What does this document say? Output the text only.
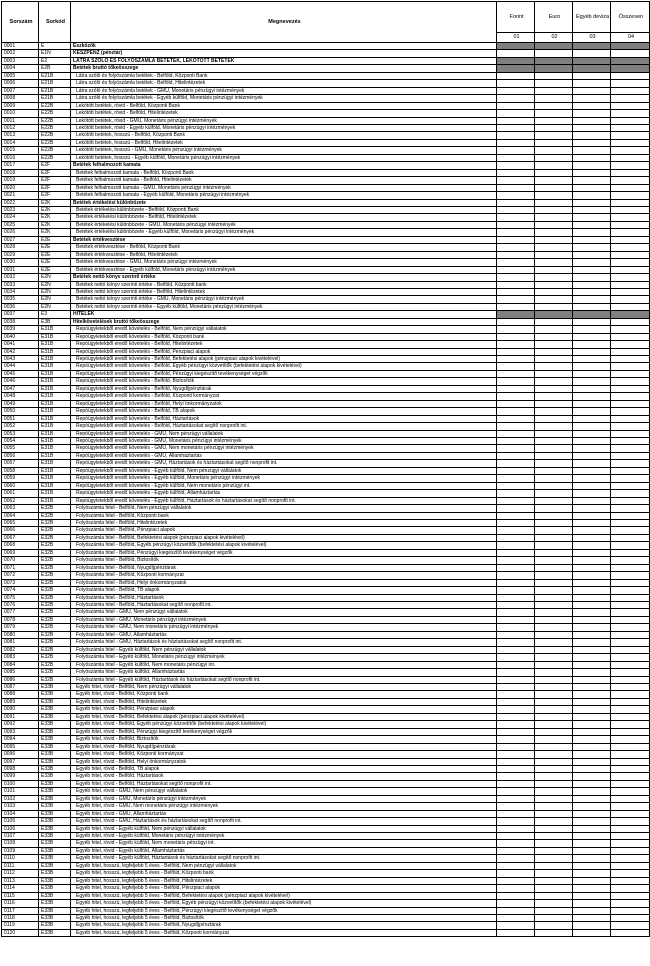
Sorszám	Sorkód	Megnevezés	Forint	Euro	Egyéb deviza	Összesen
			01	02	03	04
0001	E	Eszközök				
0002	E1N	KÉSZPÉNZ (pénztár)				
0003	E2	LÁTRA SZÓLÓ ÉS FOLYÓSZÁMLA BETÉTEK, LEKÖTÖTT BETÉTEK				
0004	E2B	Betétek bruttó tőkeösszege				
0005	E21B	Látra szóló és folyószámla betétek - Belföld, Központi Bank				
0006	E21B	Látra szóló és folyószámla betétek - Belföld, Hitelintézetek				
0007	E21B	Látra szóló és folyószámla betétek - GMU, Monetáris pénzügyi intézmények				
0008	E21B	Látra szóló és folyószámla betétek - Egyéb külföld, Monetáris pénzügyi intézmények				
0009	E22B	Lekötött betétek, rövid - Belföld, Központi Bank				
0010	E22B	Lekötött betétek, rövid - Belföld, Hitelintézetek				
0011	E22B	Lekötött betétek, rövid - GMU, Monetáris pénzügyi intézmények				
0012	E22B	Lekötött betétek, rövid - Egyéb külföld, Monetáris pénzügyi intézmények				
0013	E22B	Lekötött betétek, hosszú - Belföld, Központi Bank				
0014	E22B	Lekötött betétek, hosszú - Belföld, Hitelintézetek				
0015	E22B	Lekötött betétek, hosszú - GMU, Monetáris pénzügyi intézmények				
0016	E22B	Lekötött betétek, hosszú - Egyéb külföld, Monetáris pénzügyi intézmények				
0017	E2F	Betétek felhalmozott kamata				
0018	E2F	Betétek felhalmozott kamata - Belföld, Központi Bank				
0019	E2F	Betétek felhalmozott kamata - Belföld, Hitelintézetek				
0020	E2F	Betétek felhalmozott kamata - GMU, Monetáris pénzügyi intézmények				
0021	E2F	Betétek felhalmozott kamata - Egyéb külföld, Monetáris pénzügyi intézmények				
0022	E2K	Betétek értékelési különbözete				
0023	E2K	Betétek értékelési különbözete - Belföld, Központi Bank				
0024	E2K	Betétek értékelési különbözete - Belföld, Hitelintézetek				
0025	E2K	Betétek értékelési különbözete - GMU, Monetáris pénzügyi intézmények				
0026	E2K	Betétek értékelési különbözete - Egyéb külföld, Monetáris pénzügyi intézmények				
0027	E2E	Betétek értékvesztése				
0028	E2E	Betétek értékvesztése - Belföld, Központi Bank				
0029	E2E	Betétek értékvesztése - Belföld, Hitelintézetek				
0030	E2E	Betétek értékvesztése - GMU, Monetáris pénzügyi intézmények				
0031	E2E	Betétek értékvesztése - Egyéb külföld, Monetáris pénzügyi intézmények				
0032	E2N	Betétek nettó könyv szerinti értéke				
0033	E2N	Betétek nettó könyv szerinti értéke - Belföld, Központi bank				
0034	E2N	Betétek nettó könyv szerinti értéke - Belföld, Hitelintézetek				
0035	E2N	Betétek nettó könyv szerinti értéke - GMU, Monetáris pénzügyi intézmények				
0036	E2N	Betétek nettó könyv szerinti értéke - Egyéb külföld, Monetáris pénzügyi intézmények				
0037	E3	HITELEK				
0038	E3B	Hitelkövetelések bruttó tőkeösszege				
0039	E31B	Repóügyletekből eredő követelés - Belföld, Nem pénzügyi vállalatok				
0040	E31B	Repóügyletekből eredő követelés - Belföld, Központi bank				
0041	E31B	Repóügyletekből eredő követelés - Belföld, Hitelintézetek				
0042	E31B	Repóügyletekből eredő követelés - Belföld, Pénzpiaci alapok				
0043	E31B	Repóügyletekből eredő követelés - Belföld, Befektetési alapok (pénzpiaci alapok kivételével)				
0044	E31B	Repóügyletekből eredő követelés - Belföld, Egyéb pénzügyi közvetítők (befektetési alapok kivételével)				
0045	E31B	Repóügyletekből eredő követelés - Belföld, Pénzügyi kiegészítő tevékenységet végzők				
0046	E31B	Repóügyletekből eredő követelés - Belföld, Biztosítók				
0047	E31B	Repóügyletekből eredő követelés - Belföld, Nyugdíjpénztárak				
0048	E31B	Repóügyletekből eredő követelés - Belföld, Központi kormányzat				
0049	E31B	Repóügyletekből eredő követelés - Belföld, Helyi önkormányzatok				
0050	E31B	Repóügyletekből eredő követelés - Belföld, TB alapok				
0051	E31B	Repóügyletekből eredő követelés - Belföld, Háztartások				
0052	E31B	Repóügyletekből eredő követelés - Belföld, Háztartásokat segítő nonprofit int.				
0053	E31B	Repóügyletekből eredő követelés - GMU, Nem pénzügyi vállalatok				
0054	E31B	Repóügyletekből eredő követelés - GMU, Monetáris pénzügyi intézmények				
0055	E31B	Repóügyletekből eredő követelés - GMU, Nem monetáris pénzügyi intézmények				
0056	E31B	Repóügyletekből eredő követelés - GMU, Államháztartás				
0057	E31B	Repóügyletekből eredő követelés - GMU, Háztartások és háztartásokat segítő nonprofit int.				
0058	E31B	Repóügyletekből eredő követelés - Egyéb külföld, Nem pénzügyi vállalatok				
0059	E31B	Repóügyletekből eredő követelés - Egyéb külföld, Monetáris pénzügyi intézmények				
0060	E31B	Repóügyletekből eredő követelés - Egyéb külföld, Nem monetáris pénzügyi int.				
0061	E31B	Repóügyletekből eredő követelés - Egyéb külföld, Államháztartás				
0062	E31B	Repóügyletekből eredő követelés - Egyéb külföld, Háztartások és háztartásokat segítő nonprofit int.				
0063	E32B	Folyószámla hitel - Belföld, Nem pénzügyi vállalatok				
0064	E32B	Folyószámla hitel - Belföld, Központi bank				
0065	E32B	Folyószámla hitel - Belföld, Hitelintézetek				
0066	E32B	Folyószámla hitel - Belföld, Pénzpiaci alapok				
0067	E32B	Folyószámla hitel - Belföld, Befektetési alapok (pénzpiaci alapok kivételével)				
0068	E32B	Folyószámla hitel - Belföld, Egyéb pénzügyi közvetítők (befektetési alapok kivételével)				
0069	E32B	Folyószámla hitel - Belföld, Pénzügyi kiegészítő tevékenységet végzők				
0070	E32B	Folyószámla hitel - Belföld, Biztosítók				
0071	E32B	Folyószámla hitel - Belföld, Nyugdíjpénztárak				
0072	E32B	Folyószámla hitel - Belföld, Központi kormányzat				
0073	E32B	Folyószámla hitel - Belföld, Helyi önkormányzatok				
0074	E32B	Folyószámla hitel - Belföld, TB alapok				
0075	E32B	Folyószámla hitel - Belföld, Háztartások				
0076	E32B	Folyószámla hitel - Belföld, Háztartásokat segítő nonprofit int.				
0077	E32B	Folyószámla hitel - GMU, Nem pénzügyi vállalatok				
0078	E32B	Folyószámla hitel - GMU, Monetáris pénzügyi intézmények				
0079	E32B	Folyószámla hitel - GMU, Nem monetáris pénzügyi intézmények				
0080	E32B	Folyószámla hitel - GMU, Államháztartás				
0081	E32B	Folyószámla hitel - GMU, Háztartások és háztartásokat segítő nonprofit int.				
0082	E32B	Folyószámla hitel - Egyéb külföld, Nem pénzügyi vállalatok				
0083	E32B	Folyószámla hitel - Egyéb külföld, Monetáris pénzügyi intézmények				
0084	E32B	Folyószámla hitel - Egyéb külföld, Nem monetáris pénzügyi int.				
0085	E32B	Folyószámla hitel - Egyéb külföld, Államháztartás				
0086	E32B	Folyószámla hitel - Egyéb külföld, Háztartások és háztartásokat segítő nonprofit int.				
0087	E33B	Egyéb hitel, rövid - Belföld, Nem pénzügyi vállalatok				
0088	E33B	Egyéb hitel, rövid - Belföld, Központi bank				
0089	E33B	Egyéb hitel, rövid - Belföld, Hitelintézetek				
0090	E33B	Egyéb hitel, rövid - Belföld, Pénzpiaci alapok				
0091	E33B	Egyéb hitel, rövid - Belföld, Befektetési alapok (pénzpiaci alapok kivételével)				
0092	E33B	Egyéb hitel, rövid - Belföld, Egyéb pénzügyi közvetítők (befektetési alapok kivételével)				
0093	E33B	Egyéb hitel, rövid - Belföld, Pénzügyi kiegészítő tevékenységet végzők				
0094	E33B	Egyéb hitel, rövid - Belföld, Biztosítók				
0095	E33B	Egyéb hitel, rövid - Belföld, Nyugdíjpénztárak				
0096	E33B	Egyéb hitel, rövid - Belföld, Központi kormányzat				
0097	E33B	Egyéb hitel, rövid - Belföld, Helyi önkormányzatok				
0098	E33B	Egyéb hitel, rövid - Belföld, TB alapok				
0099	E33B	Egyéb hitel, rövid - Belföld, Háztartások				
0100	E33B	Egyéb hitel, rövid - Belföld, Háztartásokat segítő nonprofit int.				
0101	E33B	Egyéb hitel, rövid - GMU, Nem pénzügyi vállalatok				
0102	E33B	Egyéb hitel, rövid - GMU, Monetáris pénzügyi intézmények				
0103	E33B	Egyéb hitel, rövid - GMU, Nem monetáris pénzügyi intézmények				
0104	E33B	Egyéb hitel, rövid - GMU, Államháztartás				
0105	E33B	Egyéb hitel, rövid - GMU, Háztartások és háztartásokat segítő nonprofit int.				
0106	E33B	Egyéb hitel, rövid - Egyéb külföld, Nem pénzügyi vállalatok				
0107	E33B	Egyéb hitel, rövid - Egyéb külföld, Monetáris pénzügyi intézmények				
0108	E33B	Egyéb hitel, rövid - Egyéb külföld, Nem monetáris pénzügyi int.				
0109	E33B	Egyéb hitel, rövid - Egyéb külföld, Államháztartás				
0110	E33B	Egyéb hitel, rövid - Egyéb külföld, Háztartások és háztartásokat segítő nonprofit int.				
0111	E33B	Egyéb hitel, hosszú, legfeljebb 5 éves - Belföld, Nem pénzügyi vállalatok				
0112	E33B	Egyéb hitel, hosszú, legfeljebb 5 éves - Belföld, Központi bank				
0113	E33B	Egyéb hitel, hosszú, legfeljebb 5 éves - Belföld, Hitelintézetek				
0114	E33B	Egyéb hitel, hosszú, legfeljebb 5 éves - Belföld, Pénzpiaci alapok				
0115	E33B	Egyéb hitel, hosszú, legfeljebb 5 éves - Belföld, Befektetési alapok (pénzpiaci alapok kivételével)				
0116	E33B	Egyéb hitel, hosszú, legfeljebb 5 éves - Belföld, Egyéb pénzügyi közvetítők (befektetési alapok kivételével)				
0117	E33B	Egyéb hitel, hosszú, legfeljebb 5 éves - Belföld, Pénzügyi kiegészítő tevékenységet végzők				
0118	E33B	Egyéb hitel, hosszú, legfeljebb 5 éves - Belföld, Biztosítók				
0119	E33B	Egyéb hitel, hosszú, legfeljebb 5 éves - Belföld, Nyugdíjpénztárak				
0120	E33B	Egyéb hitel, hosszú, legfeljebb 5 éves - Belföld, Központi kormányzat				
